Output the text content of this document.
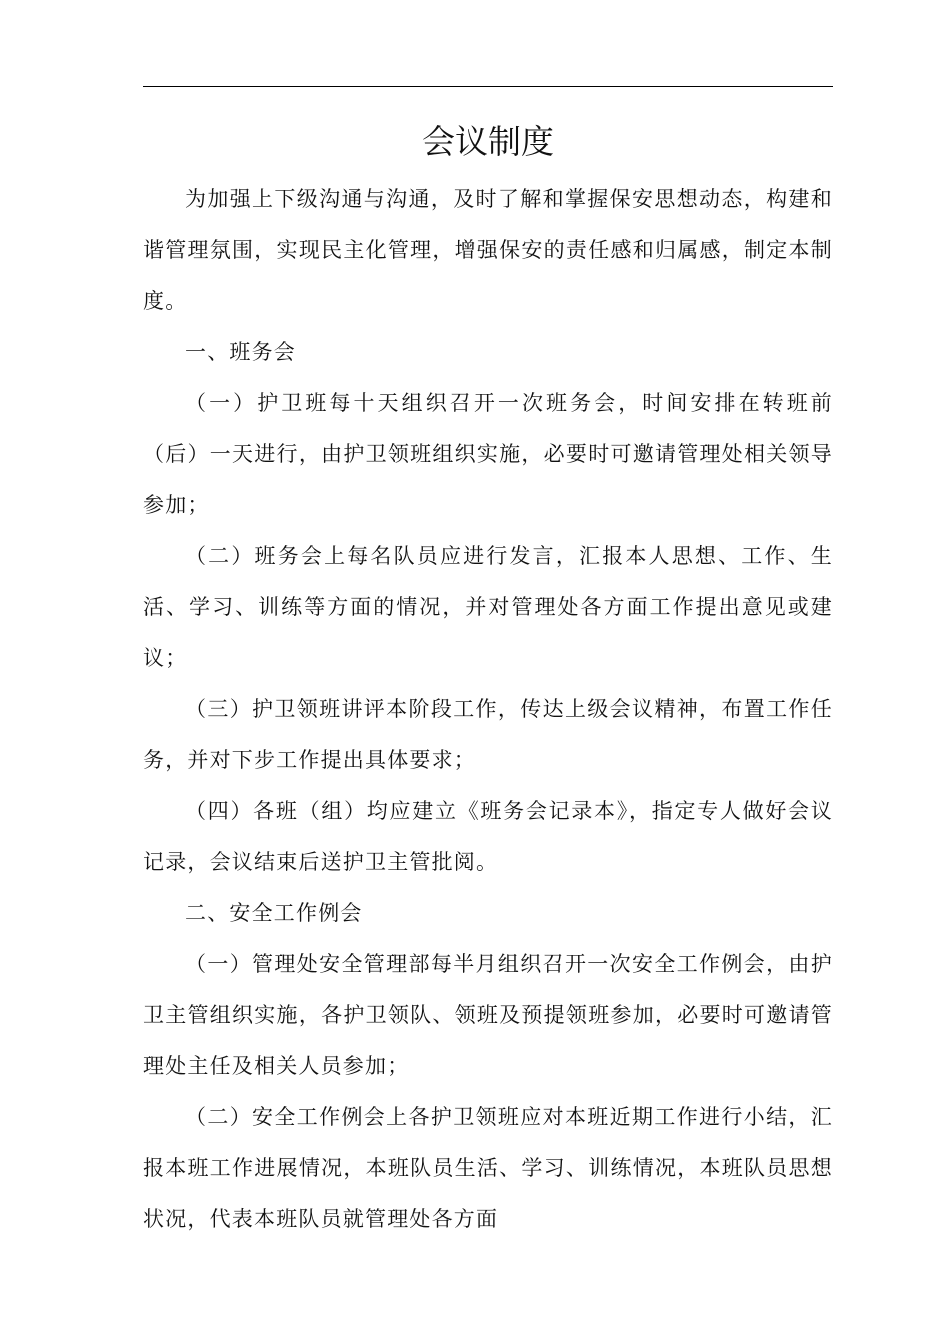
会议制度

为加强上下级沟通与沟通，及时了解和掌握保安思想动态，构建和谐管理氛围，实现民主化管理，增强保安的责任感和归属感，制定本制度。

一、班务会

（一）护卫班每十天组织召开一次班务会，时间安排在转班前（后）一天进行，由护卫领班组织实施，必要时可邀请管理处相关领导参加；

（二）班务会上每名队员应进行发言，汇报本人思想、工作、生活、学习、训练等方面的情况，并对管理处各方面工作提出意见或建议；

（三）护卫领班讲评本阶段工作，传达上级会议精神，布置工作任务，并对下步工作提出具体要求；

（四）各班（组）均应建立《班务会记录本》，指定专人做好会议记录，会议结束后送护卫主管批阅。

二、安全工作例会

（一）管理处安全管理部每半月组织召开一次安全工作例会，由护卫主管组织实施，各护卫领队、领班及预提领班参加，必要时可邀请管理处主任及相关人员参加；

（二）安全工作例会上各护卫领班应对本班近期工作进行小结，汇报本班工作进展情况，本班队员生活、学习、训练情况，本班队员思想状况，代表本班队员就管理处各方面
